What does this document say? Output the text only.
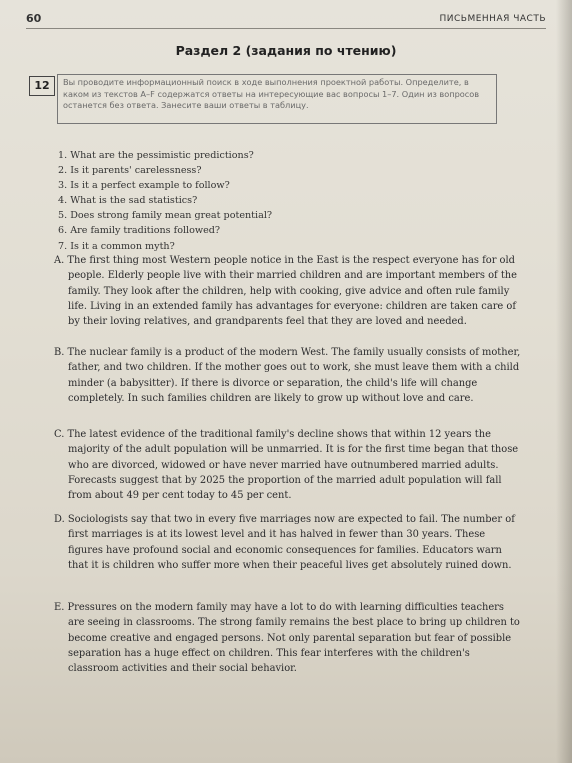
60	ПИСЬМЕННАЯ ЧАСТЬ
Раздел 2 (задания по чтению)
12	Вы проводите информационный поиск в ходе выполнения проектной работы. Определите, в каком из текстов A–F содержатся ответы на интересующие вас вопросы 1–7. Один из вопросов останется без ответа. Занесите ваши ответы в таблицу.
1. What are the pessimistic predictions?
2. Is it parents' carelessness?
3. Is it a perfect example to follow?
4. What is the sad statistics?
5. Does strong family mean great potential?
6. Are family traditions followed?
7. Is it a common myth?
A. The first thing most Western people notice in the East is the respect everyone has for old people. Elderly people live with their married children and are important members of the family. They look after the children, help with cooking, give advice and often rule family life. Living in an extended family has advantages for everyone: children are taken care of by their loving relatives, and grandparents feel that they are loved and needed.
B. The nuclear family is a product of the modern West. The family usually consists of mother, father, and two children. If the mother goes out to work, she must leave them with a child minder (a babysitter). If there is divorce or separation, the child's life will change completely. In such families children are likely to grow up without love and care.
C. The latest evidence of the traditional family's decline shows that within 12 years the majority of the adult population will be unmarried. It is for the first time began that those who are divorced, widowed or have never married have outnumbered married adults. Forecasts suggest that by 2025 the proportion of the married adult population will fall from about 49 per cent today to 45 per cent.
D. Sociologists say that two in every five marriages now are expected to fail. The number of first marriages is at its lowest level and it has halved in fewer than 30 years. These figures have profound social and economic consequences for families. Educators warn that it is children who suffer more when their peaceful lives get absolutely ruined down.
E. Pressures on the modern family may have a lot to do with learning difficulties teachers are seeing in classrooms. The strong family remains the best place to bring up children to become creative and engaged persons. Not only parental separation but fear of possible separation has a huge effect on children. This fear interferes with the children's classroom activities and their social behavior.
